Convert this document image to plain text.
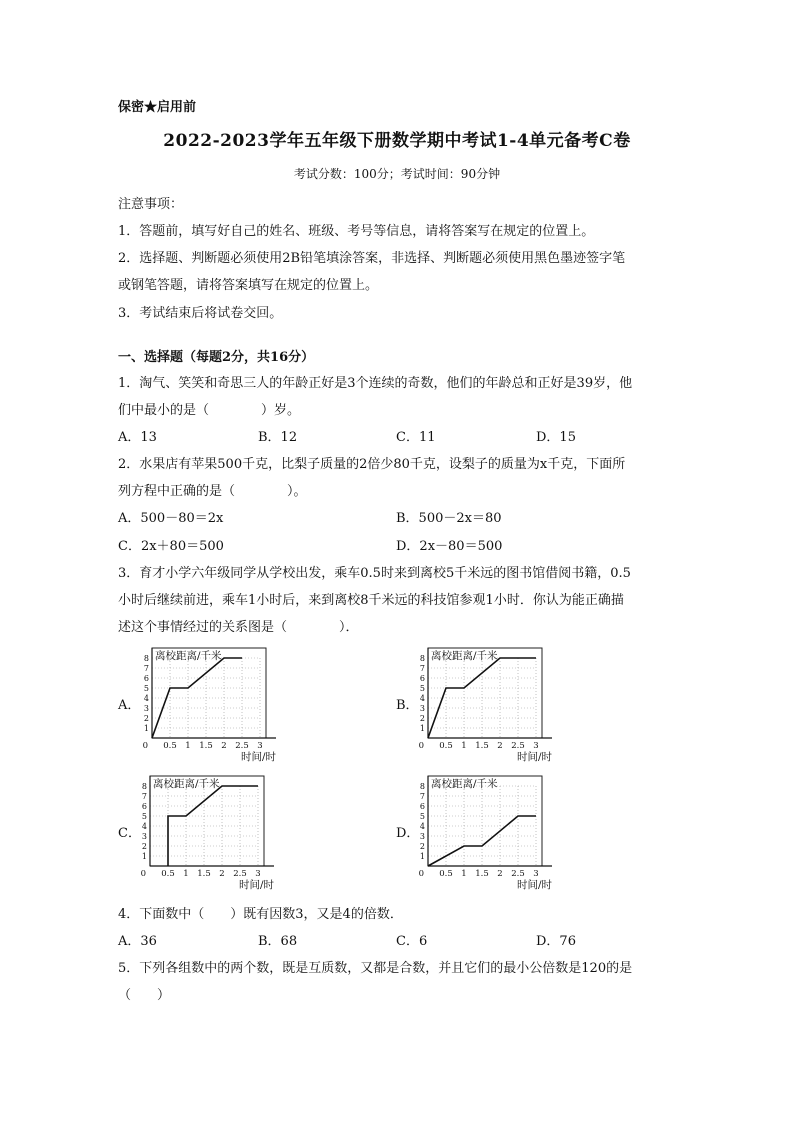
保密★启用前
2022-2023学年五年级下册数学期中考试1-4单元备考C卷
考试分数：100分；考试时间：90分钟
注意事项：
1．答题前，填写好自己的姓名、班级、考号等信息，请将答案写在规定的位置上。
2．选择题、判断题必须使用2B铅笔填涂答案，非选择、判断题必须使用黑色墨迹签字笔
或钢笔答题，请将答案填写在规定的位置上。
3．考试结束后将试卷交回。
一、选择题（每题2分，共16分）
1．淘气、笑笑和奇思三人的年龄正好是3个连续的奇数，他们的年龄总和正好是39岁，他
们中最小的是（　　　　）岁。
A．13	B．12	C．11	D．15
2．水果店有苹果500千克，比梨子质量的2倍少80千克，设梨子的质量为x千克，下面所
列方程中正确的是（　　　　）。
A．500－80＝2x	B．500－2x＝80
C．2x＋80＝500	D．2x－80＝500
3．育才小学六年级同学从学校出发，乘车0.5时来到离校5千米远的图书馆借阅书籍，0.5
小时后继续前进，乘车1小时后，来到离校8千米远的科技馆参观1小时．你认为能正确描
述这个事情经过的关系图是（　　　　）．
A．
离校距离/千米
时间/时
1
2
3
4
5
6
7
8
0.5 1 1.5 2 2.5 3
0
B．
离校距离/千米
时间/时
1
2
3
4
5
6
7
8
0.5 1 1.5 2 2.5 3
0
C．
离校距离/千米
时间/时
1
2
3
4
5
6
7
8
0.5 1 1.5 2 2.5 3
0
D．
离校距离/千米
时间/时
1
2
3
4
5
6
7
8
0.5 1 1.5 2 2.5 3
0
4．下面数中（　　）既有因数3，又是4的倍数．
A．36	B．68	C．6	D．76
5．下列各组数中的两个数，既是互质数，又都是合数，并且它们的最小公倍数是120的是
（　　）
